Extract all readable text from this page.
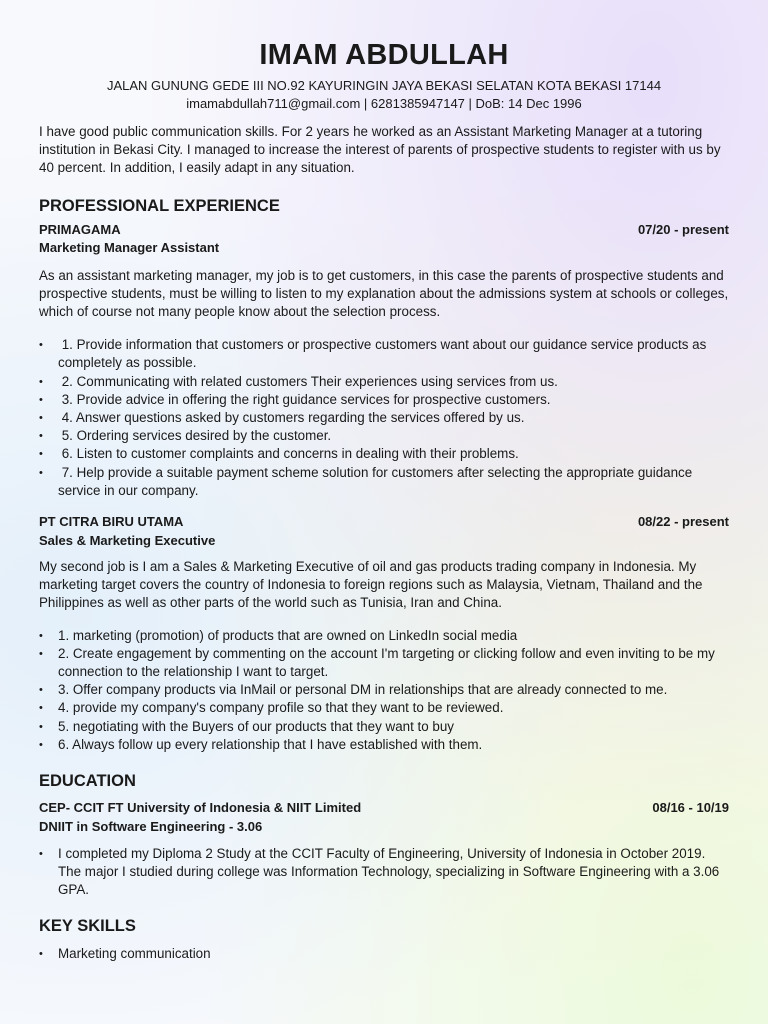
IMAM ABDULLAH
JALAN GUNUNG GEDE III NO.92 KAYURINGIN JAYA BEKASI SELATAN KOTA BEKASI 17144
imamabdullah711@gmail.com | 6281385947147 | DoB: 14 Dec 1996
I have good public communication skills. For 2 years he worked as an Assistant Marketing Manager at a tutoring institution in Bekasi City. I managed to increase the interest of parents of prospective students to register with us by 40 percent. In addition, I easily adapt in any situation.
PROFESSIONAL EXPERIENCE
PRIMAGAMA	07/20 - present
Marketing Manager Assistant
As an assistant marketing manager, my job is to get customers, in this case the parents of prospective students and prospective students, must be willing to listen to my explanation about the admissions system at schools or colleges, which of course not many people know about the selection process.
•  1. Provide information that customers or prospective customers want about our guidance service products as completely as possible.
•  2. Communicating with related customers Their experiences using services from us.
•  3. Provide advice in offering the right guidance services for prospective customers.
•  4. Answer questions asked by customers regarding the services offered by us.
•  5. Ordering services desired by the customer.
•  6. Listen to customer complaints and concerns in dealing with their problems.
•  7. Help provide a suitable payment scheme solution for customers after selecting the appropriate guidance service in our company.
PT CITRA BIRU UTAMA	08/22 - present
Sales & Marketing Executive
My second job is I am a Sales & Marketing Executive of oil and gas products trading company in Indonesia. My marketing target covers the country of Indonesia to foreign regions such as Malaysia, Vietnam, Thailand and the Philippines as well as other parts of the world such as Tunisia, Iran and China.
• 1. marketing (promotion) of products that are owned on LinkedIn social media
• 2. Create engagement by commenting on the account I'm targeting or clicking follow and even inviting to be my connection to the relationship I want to target.
• 3. Offer company products via InMail or personal DM in relationships that are already connected to me.
• 4. provide my company's company profile so that they want to be reviewed.
• 5. negotiating with the Buyers of our products that they want to buy
• 6. Always follow up every relationship that I have established with them.
EDUCATION
CEP- CCIT FT University of Indonesia & NIIT Limited	08/16 - 10/19
DNIIT in Software Engineering - 3.06
• I completed my Diploma 2 Study at the CCIT Faculty of Engineering, University of Indonesia in October 2019. The major I studied during college was Information Technology, specializing in Software Engineering with a 3.06 GPA.
KEY SKILLS
• Marketing communication
